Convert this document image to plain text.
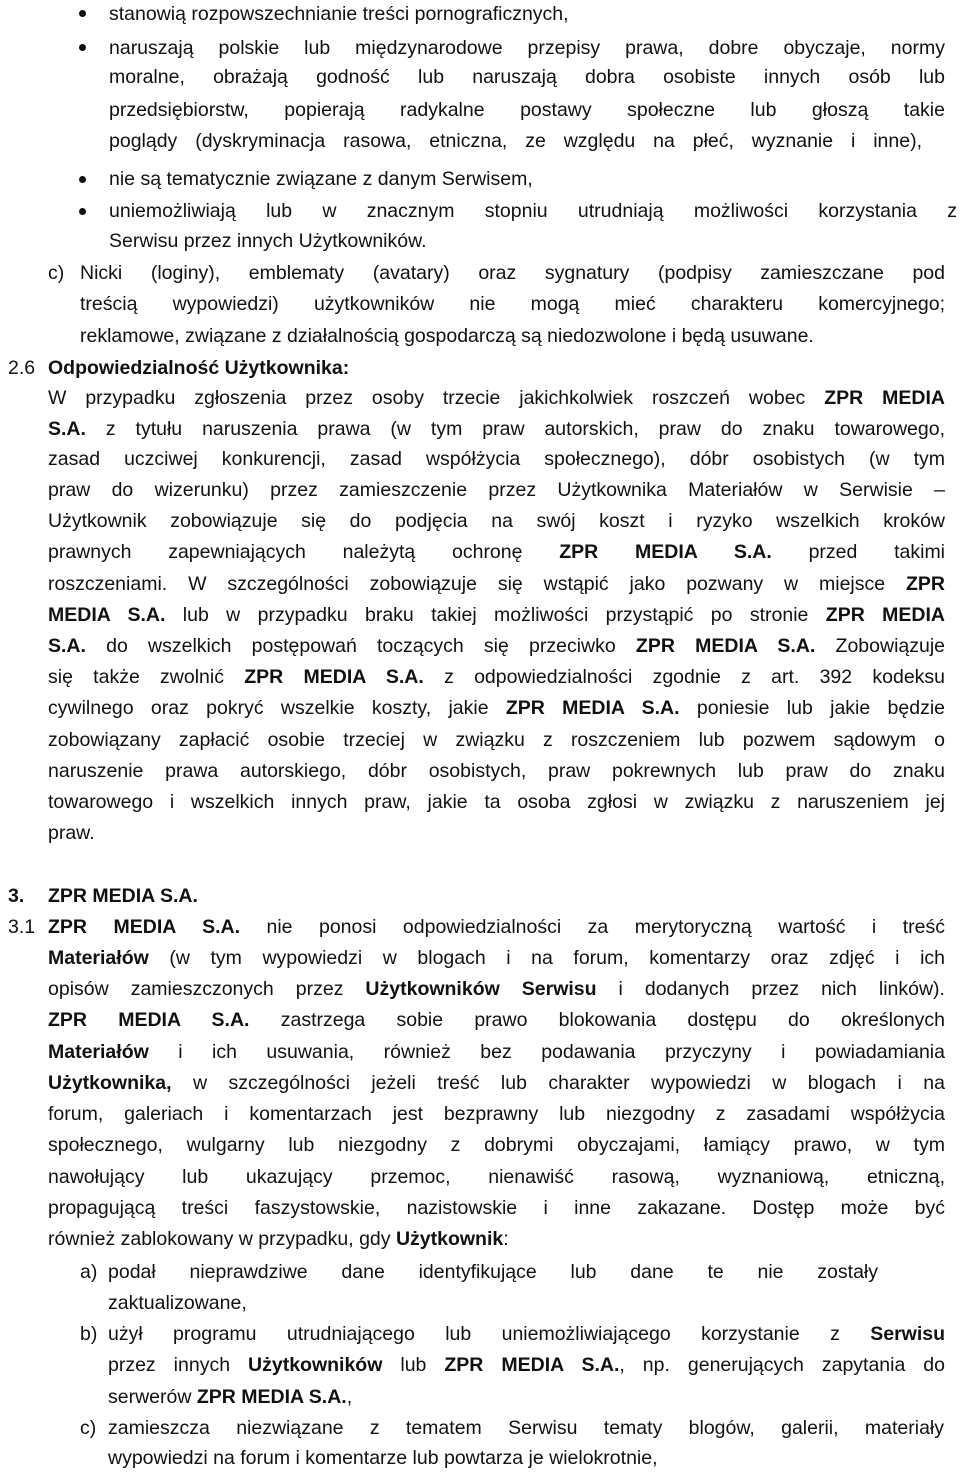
stanowią rozpowszechnianie treści pornograficznych,
naruszają polskie lub międzynarodowe przepisy prawa, dobre obyczaje, normy
moralne, obrażają godność lub naruszają dobra osobiste innych osób lub
przedsiębiorstw, popierają radykalne postawy społeczne lub głoszą takie
poglądy (dyskryminacja rasowa, etniczna, ze względu na płeć, wyznanie i inne),
nie są tematycznie związane z danym Serwisem,
uniemożliwiają lub w znacznym stopniu utrudniają możliwości korzystania z
Serwisu przez innych Użytkowników.
c) Nicki (loginy), emblematy (avatary) oraz sygnatury (podpisy zamieszczane pod
treścią wypowiedzi) użytkowników nie mogą mieć charakteru komercyjnego;
reklamowe, związane z działalnością gospodarczą są niedozwolone i będą usuwane.
2.6 Odpowiedzialność Użytkownika:
W przypadku zgłoszenia przez osoby trzecie jakichkolwiek roszczeń wobec ZPR MEDIA
S.A. z tytułu naruszenia prawa (w tym praw autorskich, praw do znaku towarowego,
zasad uczciwej konkurencji, zasad współżycia społecznego), dóbr osobistych (w tym
praw do wizerunku) przez zamieszczenie przez Użytkownika Materiałów w Serwisie –
Użytkownik zobowiązuje się do podjęcia na swój koszt i ryzyko wszelkich kroków
prawnych zapewniających należytą ochronę ZPR MEDIA S.A. przed takimi
roszczeniami. W szczególności zobowiązuje się wstąpić jako pozwany w miejsce ZPR
MEDIA S.A. lub w przypadku braku takiej możliwości przystąpić po stronie ZPR MEDIA
S.A. do wszelkich postępowań toczących się przeciwko ZPR MEDIA S.A. Zobowiązuje
się także zwolnić ZPR MEDIA S.A. z odpowiedzialności zgodnie z art. 392 kodeksu
cywilnego oraz pokryć wszelkie koszty, jakie ZPR MEDIA S.A. poniesie lub jakie będzie
zobowiązany zapłacić osobie trzeciej w związku z roszczeniem lub pozwem sądowym o
naruszenie prawa autorskiego, dóbr osobistych, praw pokrewnych lub praw do znaku
towarowego i wszelkich innych praw, jakie ta osoba zgłosi w związku z naruszeniem jej
praw.
3. ZPR MEDIA S.A.
3.1 ZPR MEDIA S.A. nie ponosi odpowiedzialności za merytoryczną wartość i treść
Materiałów (w tym wypowiedzi w blogach i na forum, komentarzy oraz zdjęć i ich
opisów zamieszczonych przez Użytkowników Serwisu i dodanych przez nich linków).
ZPR MEDIA S.A. zastrzega sobie prawo blokowania dostępu do określonych
Materiałów i ich usuwania, również bez podawania przyczyny i powiadamiania
Użytkownika, w szczególności jeżeli treść lub charakter wypowiedzi w blogach i na
forum, galeriach i komentarzach jest bezprawny lub niezgodny z zasadami współżycia
społecznego, wulgarny lub niezgodny z dobrymi obyczajami, łamiący prawo, w tym
nawołujący lub ukazujący przemoc, nienawiść rasową, wyznaniową, etniczną,
propagującą treści faszystowskie, nazistowskie i inne zakazane. Dostęp może być
również zablokowany w przypadku, gdy Użytkownik:
a) podał nieprawdziwe dane identyfikujące lub dane te nie zostały
zaktualizowane,
b) użył programu utrudniającego lub uniemożliwiającego korzystanie z Serwisu
przez innych Użytkowników lub ZPR MEDIA S.A., np. generujących zapytania do
serwerów ZPR MEDIA S.A.,
c) zamieszcza niezwiązane z tematem Serwisu tematy blogów, galerii, materiały
wypowiedzi na forum i komentarze lub powtarza je wielokrotnie,
